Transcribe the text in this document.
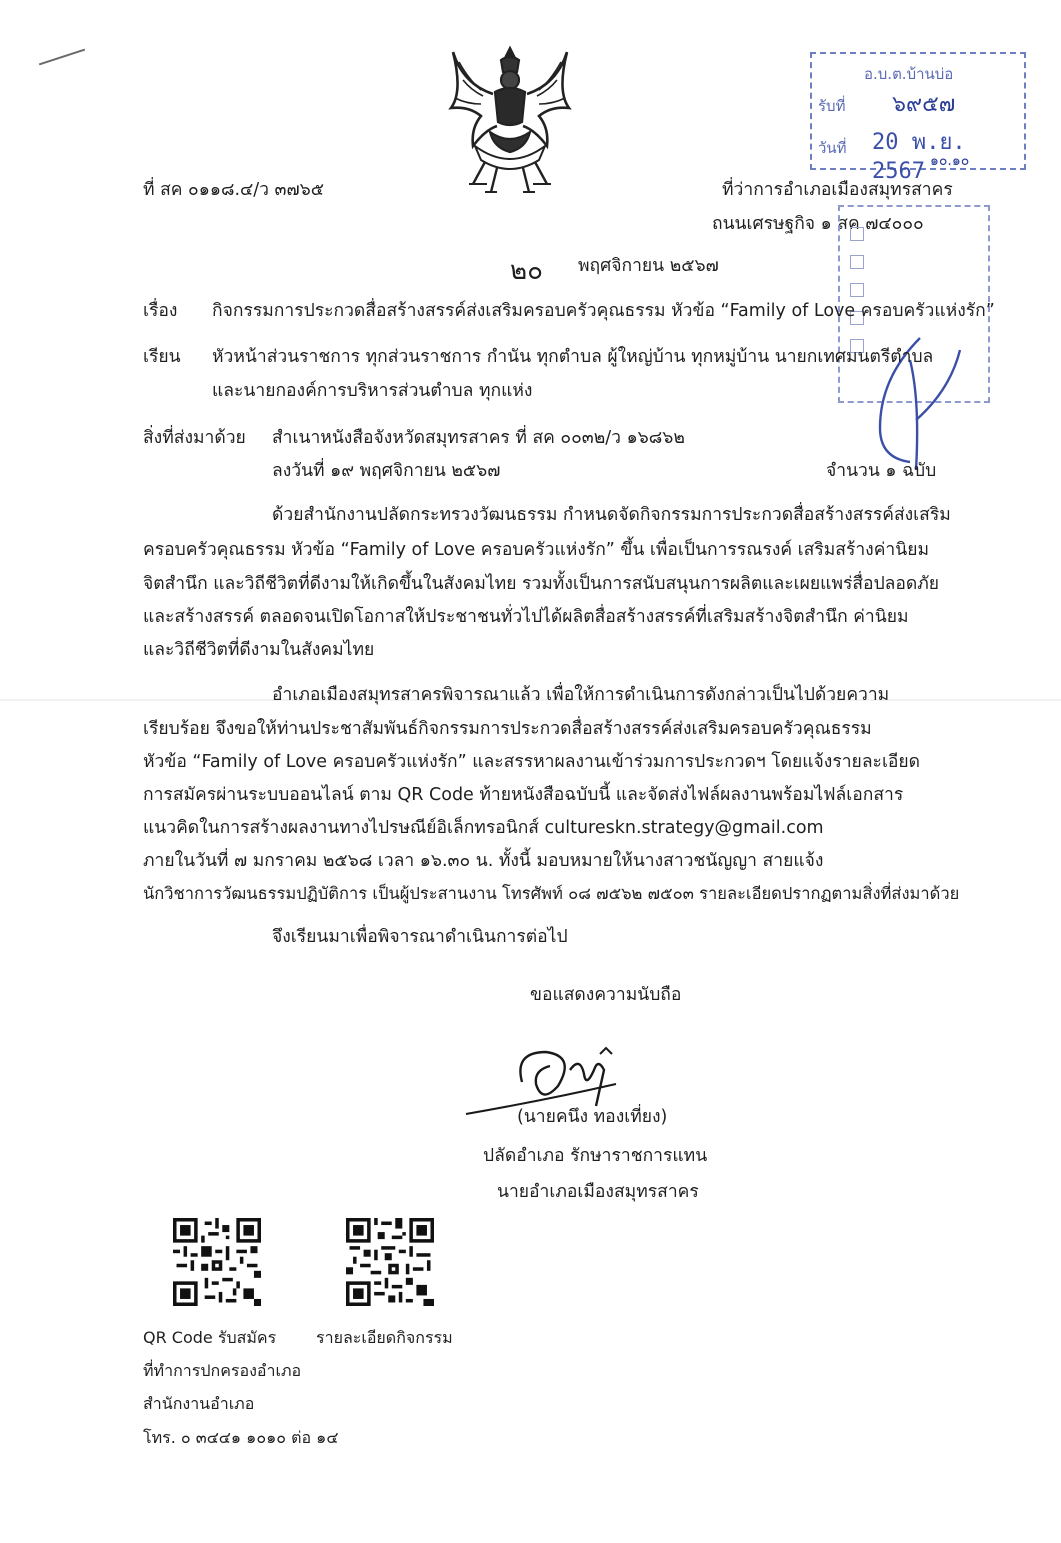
ที่ สค ๐๑๑๘.๔/ว ๓๗๖๕	ที่ว่าการอำเภอเมืองสมุทรสาคร
ถนนเศรษฐกิจ ๑ สค ๗๔๐๐๐
อ.บ.ต.บ้านบ่อ
รับที่ ๖๙๕๗
วันที่ 20 พ.ย. 2567 ๑๐.๑๐
๒๐ พฤศจิกายน ๒๕๖๗
เรื่อง กิจกรรมการประกวดสื่อสร้างสรรค์ส่งเสริมครอบครัวคุณธรรม หัวข้อ “Family of Love ครอบครัวแห่งรัก”
เรียน หัวหน้าส่วนราชการ ทุกส่วนราชการ กำนัน ทุกตำบล ผู้ใหญ่บ้าน ทุกหมู่บ้าน นายกเทศมนตรีตำบล
และนายกองค์การบริหารส่วนตำบล ทุกแห่ง
สิ่งที่ส่งมาด้วย สำเนาหนังสือจังหวัดสมุทรสาคร ที่ สค ๐๐๓๒/ว ๑๖๘๖๒
ลงวันที่ ๑๙ พฤศจิกายน ๒๕๖๗	จำนวน ๑ ฉบับ
ด้วยสำนักงานปลัดกระทรวงวัฒนธรรม กำหนดจัดกิจกรรมการประกวดสื่อสร้างสรรค์ส่งเสริม
ครอบครัวคุณธรรม หัวข้อ “Family of Love ครอบครัวแห่งรัก” ขึ้น เพื่อเป็นการรณรงค์ เสริมสร้างค่านิยม
จิตสำนึก และวิถีชีวิตที่ดีงามให้เกิดขึ้นในสังคมไทย รวมทั้งเป็นการสนับสนุนการผลิตและเผยแพร่สื่อปลอดภัย
และสร้างสรรค์ ตลอดจนเปิดโอกาสให้ประชาชนทั่วไปได้ผลิตสื่อสร้างสรรค์ที่เสริมสร้างจิตสำนึก ค่านิยม
และวิถีชีวิตที่ดีงามในสังคมไทย
อำเภอเมืองสมุทรสาครพิจารณาแล้ว เพื่อให้การดำเนินการดังกล่าวเป็นไปด้วยความ
เรียบร้อย จึงขอให้ท่านประชาสัมพันธ์กิจกรรมการประกวดสื่อสร้างสรรค์ส่งเสริมครอบครัวคุณธรรม
หัวข้อ “Family of Love ครอบครัวแห่งรัก” และสรรหาผลงานเข้าร่วมการประกวดฯ โดยแจ้งรายละเอียด
การสมัครผ่านระบบออนไลน์ ตาม QR Code ท้ายหนังสือฉบับนี้ และจัดส่งไฟล์ผลงานพร้อมไฟล์เอกสาร
แนวคิดในการสร้างผลงานทางไปรษณีย์อิเล็กทรอนิกส์ cultureskn.strategy@gmail.com
ภายในวันที่ ๗ มกราคม ๒๕๖๘ เวลา ๑๖.๓๐ น. ทั้งนี้ มอบหมายให้นางสาวชนัญญา สายแจ้ง
นักวิชาการวัฒนธรรมปฏิบัติการ เป็นผู้ประสานงาน โทรศัพท์ ๐๘ ๗๕๖๒ ๗๕๐๓ รายละเอียดปรากฏตามสิ่งที่ส่งมาด้วย
จึงเรียนมาเพื่อพิจารณาดำเนินการต่อไป
ขอแสดงความนับถือ
(นายคนึง ทองเที่ยง)
ปลัดอำเภอ รักษาราชการแทน
นายอำเภอเมืองสมุทรสาคร
QR Code รับสมัคร รายละเอียดกิจกรรม
ที่ทำการปกครองอำเภอ
สำนักงานอำเภอ
โทร. ๐ ๓๔๔๑ ๑๐๑๐ ต่อ ๑๔
